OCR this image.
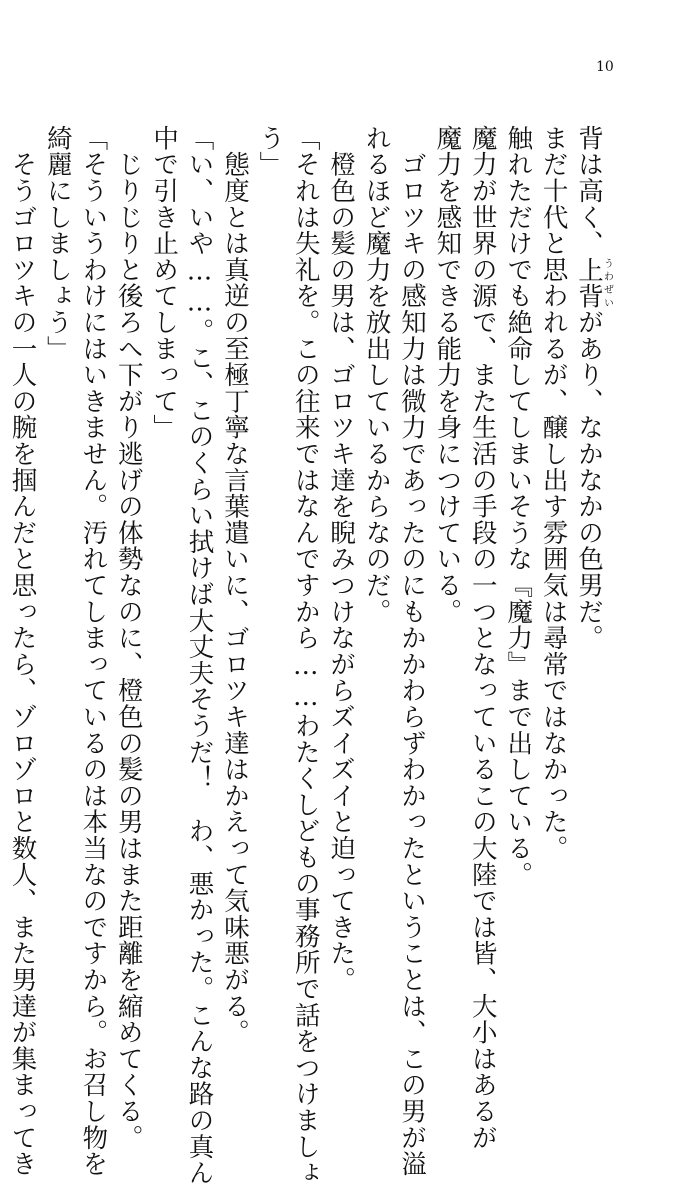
10
背は高く、上背うわぜいがあり、なかなかの色男だ。
まだ十代と思われるが、醸し出す雰囲気は尋常ではなかった。
触れただけでも絶命してしまいそうな『魔力』まで出している。
魔力が世界の源で、また生活の手段の一つとなっているこの大陸では皆、大小はあるが
魔力を感知できる能力を身につけている。
　ゴロツキの感知力は微力であったのにもかかわらずわかったということは、この男が溢
れるほど魔力を放出しているからなのだ。
　橙色の髪の男は、ゴロツキ達を睨みつけながらズイズイと迫ってきた。
「それは失礼を。この往来ではなんですから……わたくしどもの事務所で話をつけましょ
う」
　態度とは真逆の至極丁寧な言葉遣いに、ゴロツキ達はかえって気味悪がる。
「い、いや……。こ、このくらい拭けば大丈夫そうだ！　わ、悪かった。こんな路の真ん
中で引き止めてしまって」
　じりじりと後ろへ下がり逃げの体勢なのに、橙色の髪の男はまた距離を縮めてくる。
「そういうわけにはいきません。汚れてしまっているのは本当なのですから。お召し物を
綺麗にしましょう」
　そうゴロツキの一人の腕を掴んだと思ったら、ゾロゾロと数人、また男達が集まってき
